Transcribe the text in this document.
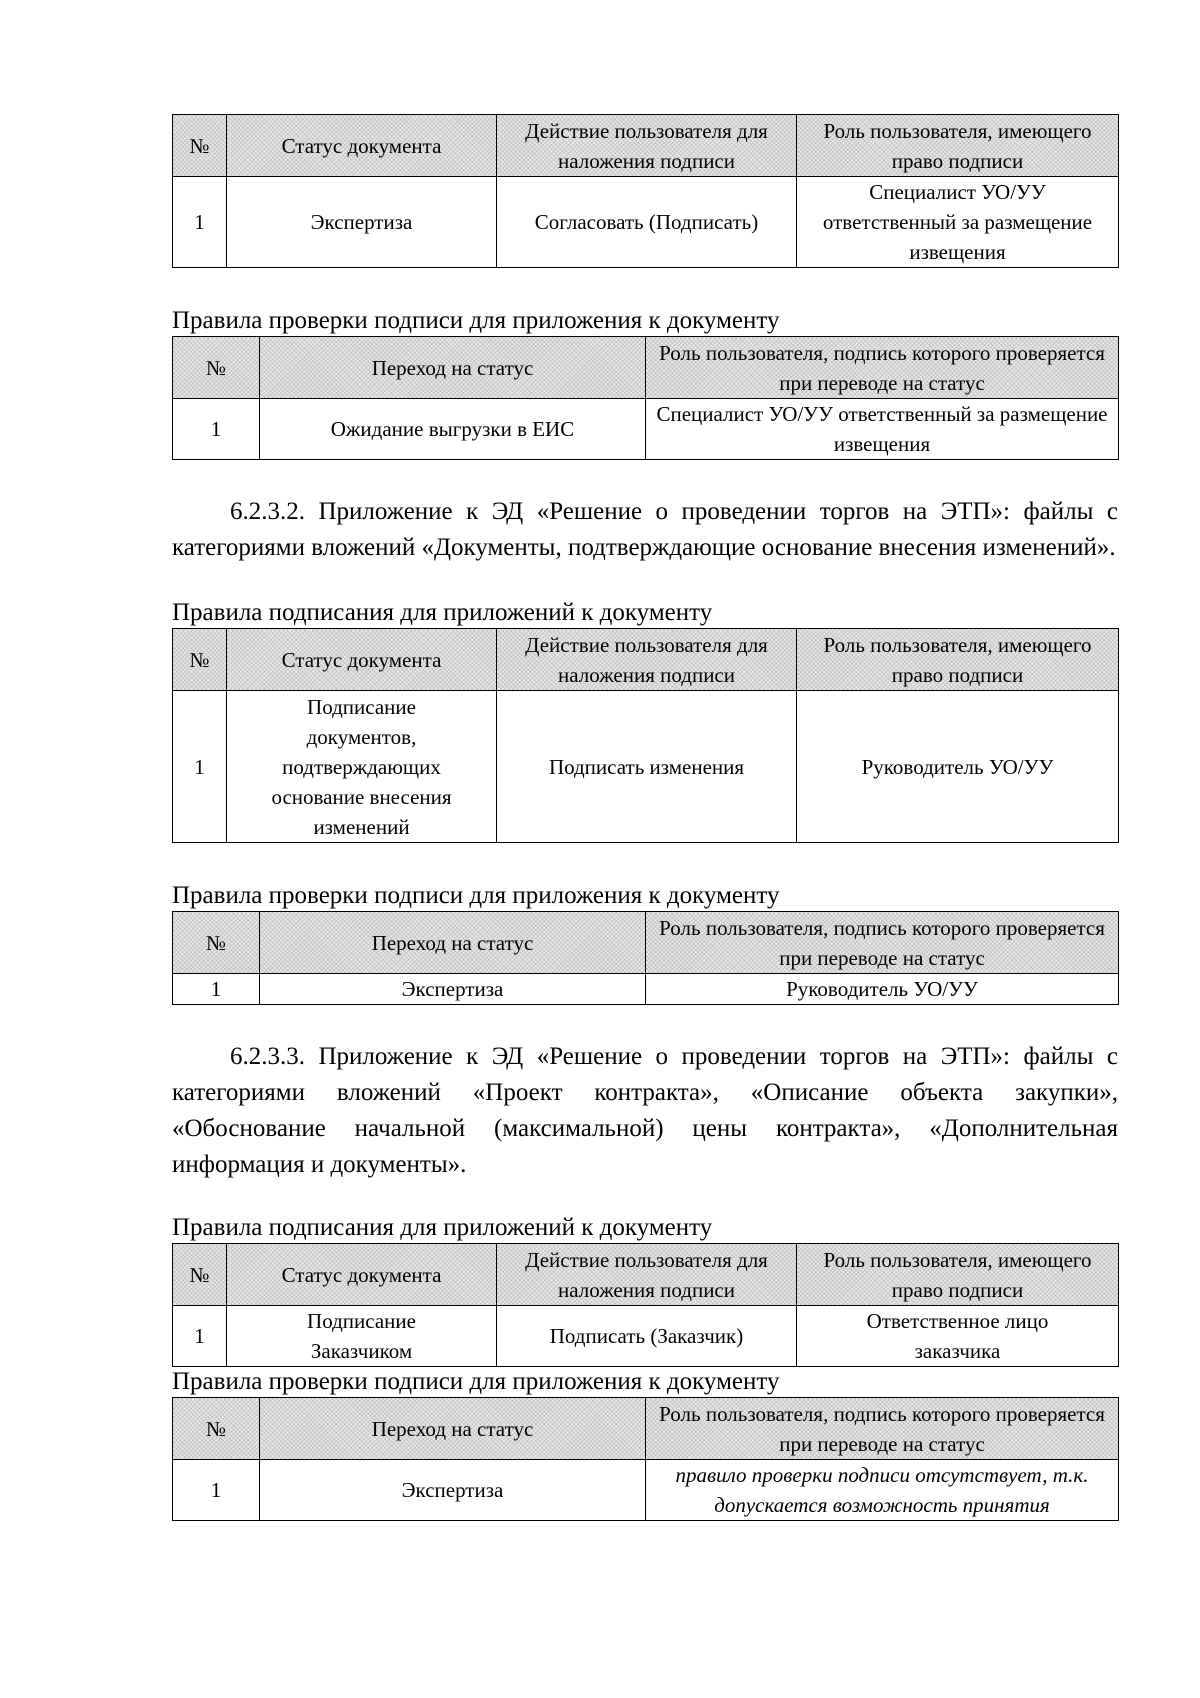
№	Статус документа	Действие пользователя для наложения подписи	Роль пользователя, имеющего право подписи
1	Экспертиза	Согласовать (Подписать)	Специалист УО/УУ ответственный за размещение извещения
Правила проверки подписи для приложения к документу
№	Переход на статус	Роль пользователя, подпись которого проверяется при переводе на статус
1	Ожидание выгрузки в ЕИС	Специалист УО/УУ ответственный за размещение извещения

6.2.3.2. Приложение к ЭД «Решение о проведении торгов на ЭТП»: файлы с категориями вложений «Документы, подтверждающие основание внесения изменений».

Правила подписания для приложений к документу
№	Статус документа	Действие пользователя для наложения подписи	Роль пользователя, имеющего право подписи
1	Подписание документов, подтверждающих основание внесения изменений	Подписать изменения	Руководитель УО/УУ
Правила проверки подписи для приложения к документу
№	Переход на статус	Роль пользователя, подпись которого проверяется при переводе на статус
1	Экспертиза	Руководитель УО/УУ

6.2.3.3. Приложение к ЭД «Решение о проведении торгов на ЭТП»: файлы с категориями вложений «Проект контракта», «Описание объекта закупки», «Обоснование начальной (максимальной) цены контракта», «Дополнительная информация и документы».

Правила подписания для приложений к документу
№	Статус документа	Действие пользователя для наложения подписи	Роль пользователя, имеющего право подписи
1	Подписание Заказчиком	Подписать (Заказчик)	Ответственное лицо заказчика
Правила проверки подписи для приложения к документу
№	Переход на статус	Роль пользователя, подпись которого проверяется при переводе на статус
1	Экспертиза	правило проверки подписи отсутствует, т.к. допускается возможность принятия
